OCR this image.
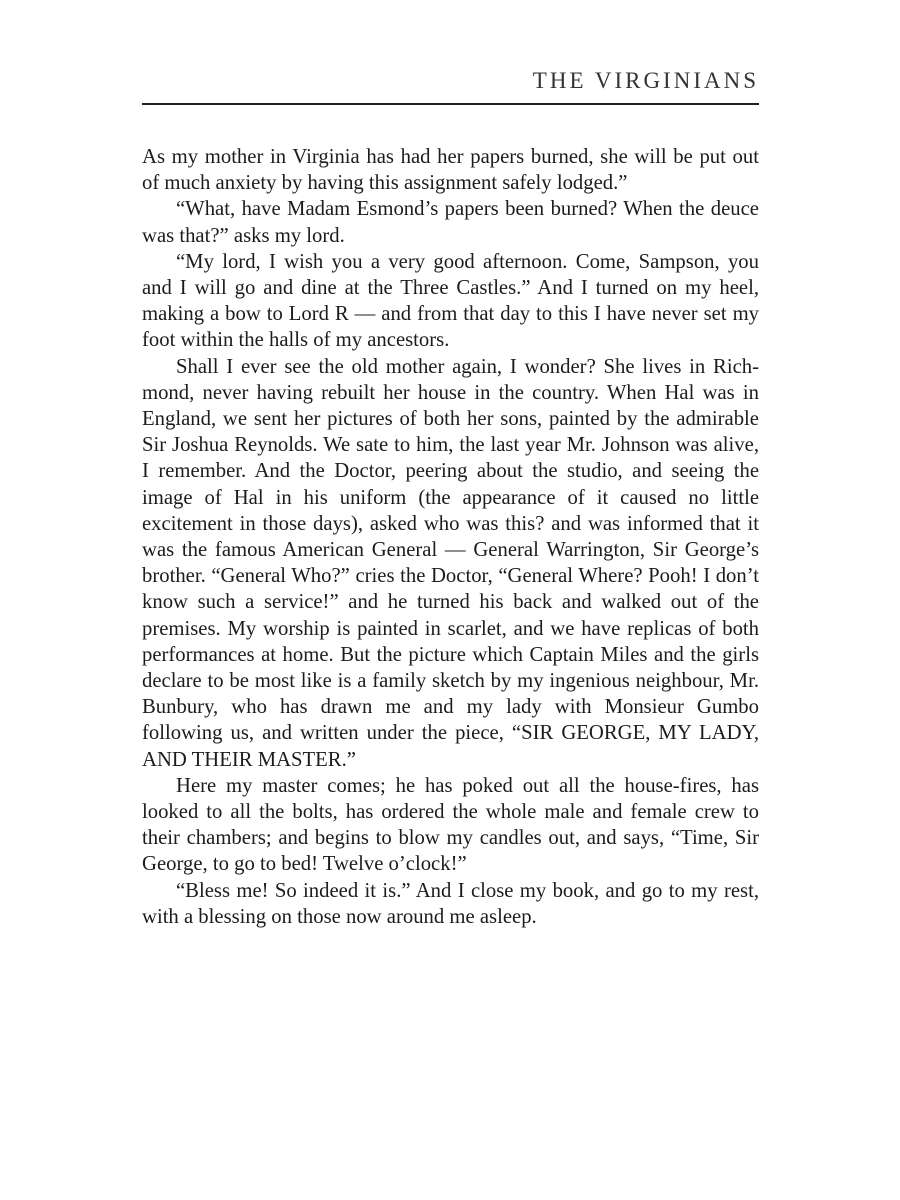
THE VIRGINIANS

As my mother in Virginia has had her papers burned, she will be put out of much anxiety by having this assignment safely lodged.”

“What, have Madam Esmond’s papers been burned? When the deuce was that?” asks my lord.

“My lord, I wish you a very good afternoon. Come, Sampson, you and I will go and dine at the Three Castles.” And I turned on my heel, making a bow to Lord R — and from that day to this I have never set my foot within the halls of my ancestors.

Shall I ever see the old mother again, I wonder? She lives in Richmond, never having rebuilt her house in the country. When Hal was in England, we sent her pictures of both her sons, painted by the admirable Sir Joshua Reynolds. We sate to him, the last year Mr. Johnson was alive, I remember. And the Doctor, peering about the studio, and seeing the image of Hal in his uniform (the appearance of it caused no little excitement in those days), asked who was this? and was informed that it was the famous American General — General Warrington, Sir George’s brother. “General Who?” cries the Doctor, “General Where? Pooh! I don’t know such a service!” and he turned his back and walked out of the premises. My worship is painted in scarlet, and we have replicas of both performances at home. But the picture which Captain Miles and the girls declare to be most like is a family sketch by my ingenious neighbour, Mr. Bunbury, who has drawn me and my lady with Monsieur Gumbo following us, and written under the piece, “SIR GEORGE, MY LADY, AND THEIR MASTER.”

Here my master comes; he has poked out all the house-fires, has looked to all the bolts, has ordered the whole male and female crew to their chambers; and begins to blow my candles out, and says, “Time, Sir George, to go to bed! Twelve o’clock!”

“Bless me! So indeed it is.” And I close my book, and go to my rest, with a blessing on those now around me asleep.
